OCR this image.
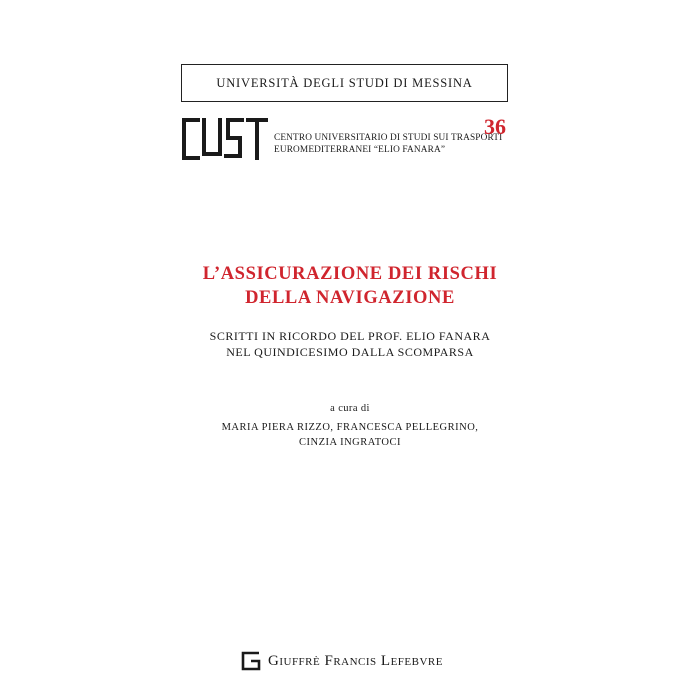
UNIVERSITÀ DEGLI STUDI DI MESSINA
CENTRO UNIVERSITARIO DI STUDI SUI TRASPORTI
EUROMEDITERRANEI “ELIO FANARA”
36
L’ASSICURAZIONE DEI RISCHI
DELLA NAVIGAZIONE
SCRITTI IN RICORDO DEL PROF. ELIO FANARA
NEL QUINDICESIMO DALLA SCOMPARSA
a cura di
MARIA PIERA RIZZO, FRANCESCA PELLEGRINO,
CINZIA INGRATOCI
Giuffrè Francis Lefebvre
